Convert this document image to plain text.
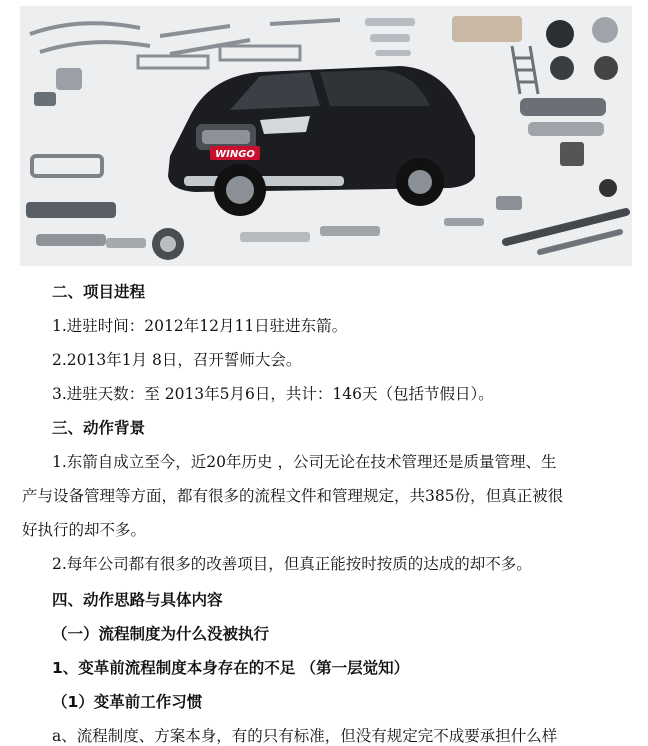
WINGO
二、项目进程
1.进驻时间：2012年12月11日驻进东箭。
2.2013年1月 8日，召开誓师大会。
3.进驻天数：至 2013年5月6日，共计：146天（包括节假日）。
三、动作背景
1.东箭自成立至今，近20年历史 ，公司无论在技术管理还是质量管理、生
产与设备管理等方面，都有很多的流程文件和管理规定，共385份，但真正被很
好执行的却不多。
2.每年公司都有很多的改善项目，但真正能按时按质的达成的却不多。
四、动作思路与具体内容
（一）流程制度为什么没被执行
1、变革前流程制度本身存在的不足 （第一层觉知）
（1）变革前工作习惯
a、流程制度、方案本身，有的只有标准，但没有规定完不成要承担什么样
